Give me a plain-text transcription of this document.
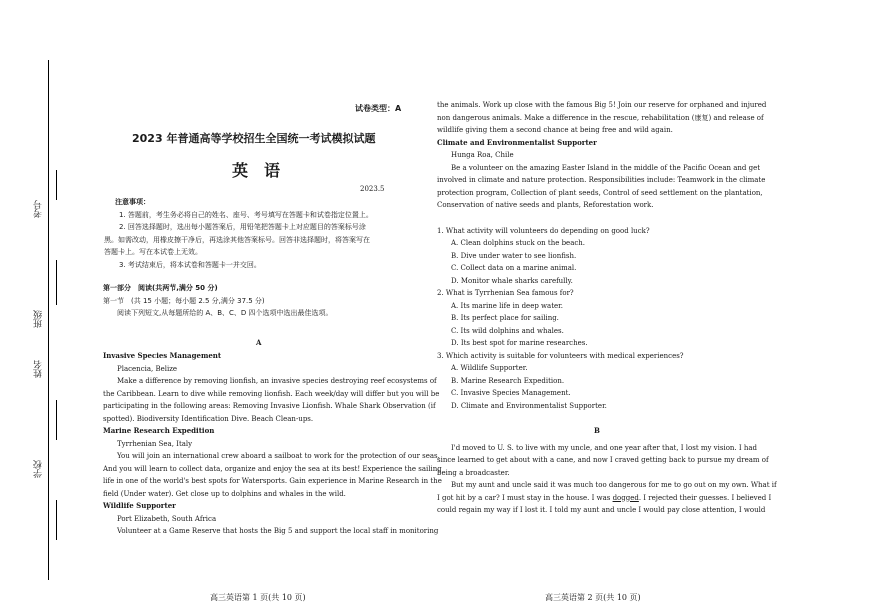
考号
班级
姓名
学校
试卷类型：A
2023 年普通高等学校招生全国统一考试模拟试题
英　语
2023.5
注意事项：
1. 答题前，考生务必将自己的姓名、座号、考号填写在答题卡和试卷指定位置上。
2. 回答选择题时，选出每小题答案后，用铅笔把答题卡上对应题目的答案标号涂
黑。如需改动，用橡皮擦干净后，再选涂其他答案标号。回答非选择题时，将答案写在
答题卡上。写在本试卷上无效。
3. 考试结束后，将本试卷和答题卡一并交回。
第一部分　阅读(共两节,满分 50 分)
第一节　(共 15 小题；每小题 2.5 分,满分 37.5 分)
阅读下列短文,从每题所给的 A、B、C、D 四个选项中选出最佳选项。
A
Invasive Species Management
Placencia, Belize
Make a difference by removing lionfish, an invasive species destroying reef ecosystems of
the Caribbean. Learn to dive while removing lionfish. Each week/day will differ but you will be
participating in the following areas: Removing Invasive Lionfish. Whale Shark Observation (if
spotted). Biodiversity Identification Dive. Beach Clean-ups.
Marine Research Expedition
Tyrrhenian Sea, Italy
You will join an international crew aboard a sailboat to work for the protection of our seas.
And you will learn to collect data, organize and enjoy the sea at its best! Experience the sailing
life in one of the world's best spots for Watersports. Gain experience in Marine Research in the
field (Under water). Get close up to dolphins and whales in the wild.
Wildlife Supporter
Port Elizabeth, South Africa
Volunteer at a Game Reserve that hosts the Big 5 and support the local staff in monitoring
the animals. Work up close with the famous Big 5! Join our reserve for orphaned and injured
non dangerous animals. Make a difference in the rescue, rehabilitation (康复) and release of
wildlife giving them a second chance at being free and wild again.
Climate and Environmentalist Supporter
Hunga Roa, Chile
Be a volunteer on the amazing Easter Island in the middle of the Pacific Ocean and get
involved in climate and nature protection. Responsibilities include: Teamwork in the climate
protection program, Collection of plant seeds, Control of seed settlement on the plantation,
Conservation of native seeds and plants, Reforestation work.
1. What activity will volunteers do depending on good luck?
A. Clean dolphins stuck on the beach.
B. Dive under water to see lionfish.
C. Collect data on a marine animal.
D. Monitor whale sharks carefully.
2. What is Tyrrhenian Sea famous for?
A. Its marine life in deep water.
B. Its perfect place for sailing.
C. Its wild dolphins and whales.
D. Its best spot for marine researches.
3. Which activity is suitable for volunteers with medical experiences?
A. Wildlife Supporter.
B. Marine Research Expedition.
C. Invasive Species Management.
D. Climate and Environmentalist Supporter.
B
I'd moved to U. S. to live with my uncle, and one year after that, I lost my vision. I had
since learned to get about with a cane, and now I craved getting back to pursue my dream of
being a broadcaster.
But my aunt and uncle said it was much too dangerous for me to go out on my own. What if
I got hit by a car? I must stay in the house. I was dogged. I rejected their guesses. I believed I
could regain my way if I lost it. I told my aunt and uncle I would pay close attention, I would
高三英语第 1 页(共 10 页)	高三英语第 2 页(共 10 页)
